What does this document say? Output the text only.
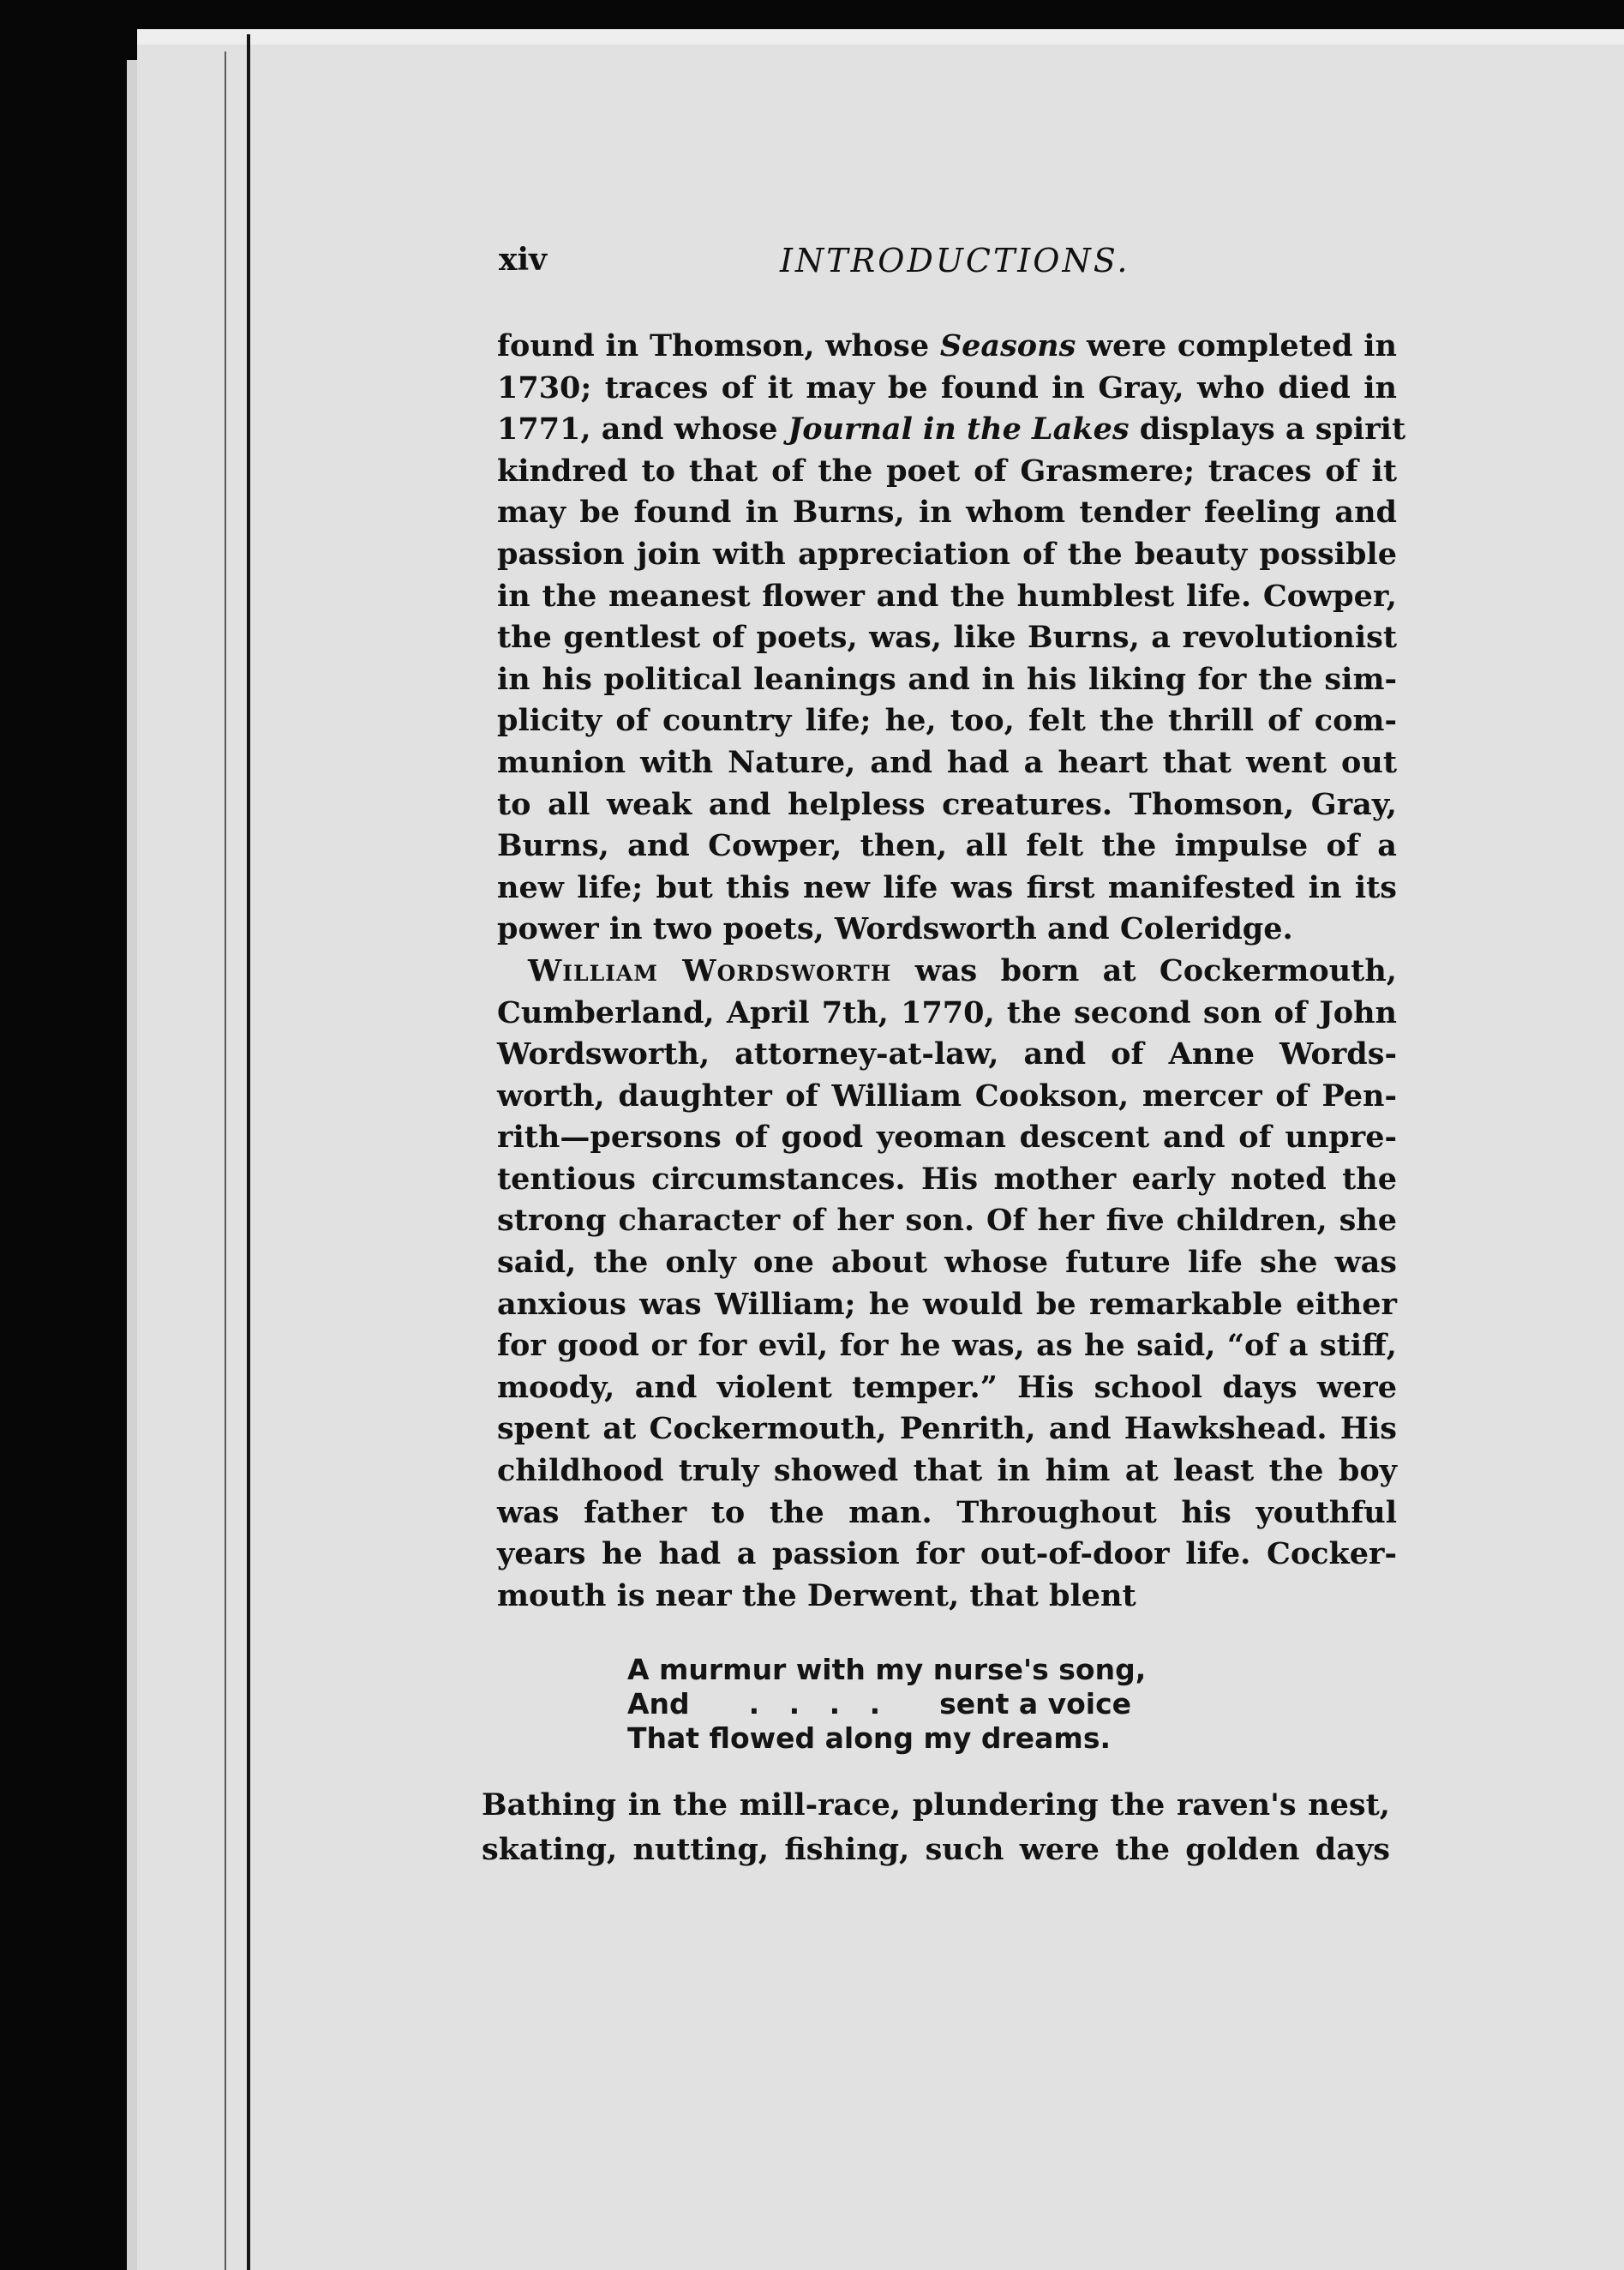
xiv	INTRODUCTIONS.
found in Thomson, whose Seasons were completed in
1730; traces of it may be found in Gray, who died in
1771, and whose Journal in the Lakes displays a spirit
kindred to that of the poet of Grasmere; traces of it
may be found in Burns, in whom tender feeling and
passion join with appreciation of the beauty possible
in the meanest flower and the humblest life. Cowper,
the gentlest of poets, was, like Burns, a revolutionist
in his political leanings and in his liking for the sim-
plicity of country life; he, too, felt the thrill of com-
munion with Nature, and had a heart that went out
to all weak and helpless creatures. Thomson, Gray,
Burns, and Cowper, then, all felt the impulse of a
new life; but this new life was first manifested in its
power in two poets, Wordsworth and Coleridge.
William Wordsworth was born at Cockermouth,
Cumberland, April 7th, 1770, the second son of John
Wordsworth, attorney-at-law, and of Anne Words-
worth, daughter of William Cookson, mercer of Pen-
rith—persons of good yeoman descent and of unpre-
tentious circumstances. His mother early noted the
strong character of her son. Of her five children, she
said, the only one about whose future life she was
anxious was William; he would be remarkable either
for good or for evil, for he was, as he said, “of a stiff,
moody, and violent temper.” His school days were
spent at Cockermouth, Penrith, and Hawkshead. His
childhood truly showed that in him at least the boy
was father to the man. Throughout his youthful
years he had a passion for out-of-door life. Cocker-
mouth is near the Derwent, that blent
A murmur with my nurse's song,
And      .   .   .   .      sent a voice
That flowed along my dreams.
Bathing in the mill-race, plundering the raven's nest,
skating, nutting, fishing, such were the golden days
